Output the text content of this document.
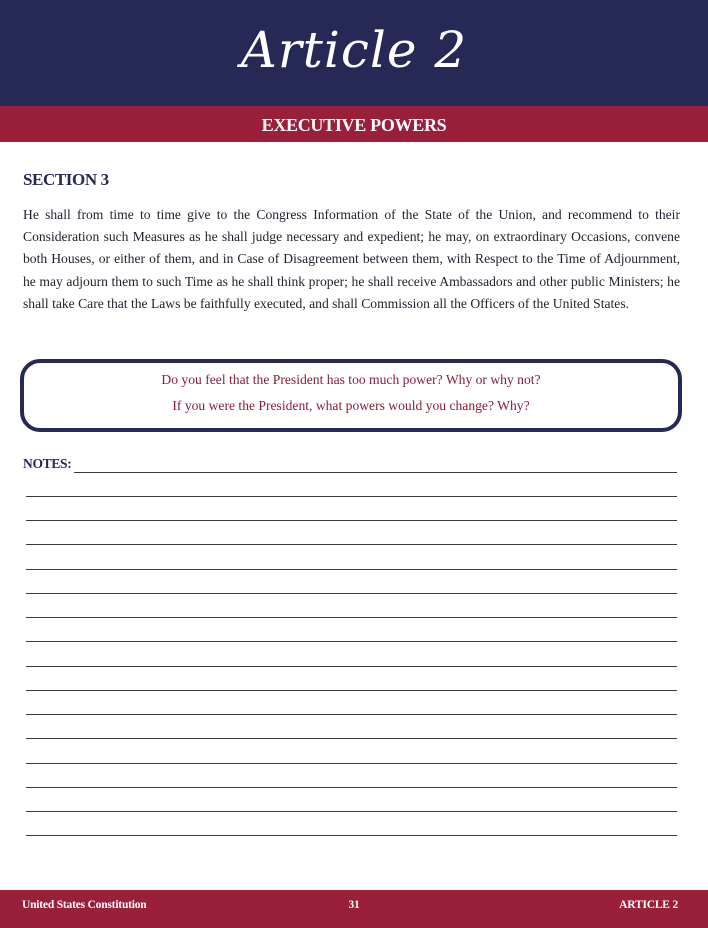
Article 2
EXECUTIVE POWERS
SECTION 3
He shall from time to time give to the Congress Information of the State of the Union, and recommend to their Consideration such Measures as he shall judge necessary and expedient; he may, on extraordinary Occasions, convene both Houses, or either of them, and in Case of Disagreement between them, with Respect to the Time of Adjournment, he may adjourn them to such Time as he shall think proper; he shall receive Ambassadors and other public Ministers; he shall take Care that the Laws be faithfully executed, and shall Commission all the Officers of the United States.
Do you feel that the President has too much power? Why or why not?
If you were the President, what powers would you change? Why?
NOTES:
United States Constitution	31	ARTICLE 2
